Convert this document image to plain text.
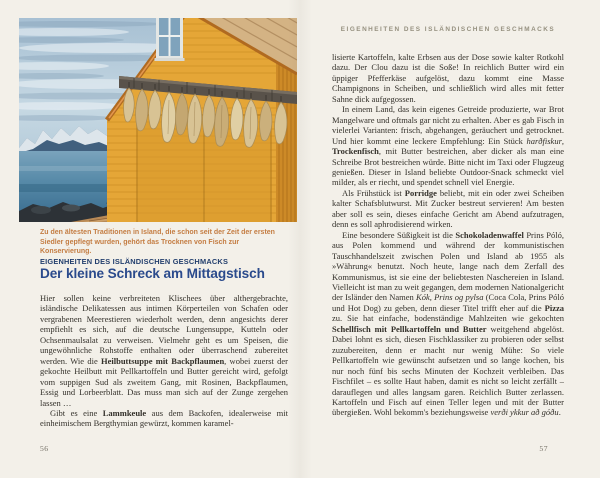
Zu den ältesten Traditionen in Island, die schon seit der Zeit der ersten Siedler gepflegt wurden, gehört das Trocknen von Fisch zur Konservierung.
EIGENHEITEN DES ISLÄNDISCHEN GESCHMACKS
Der kleine Schreck am Mittagstisch

Hier sollen keine verbreiteten Klischees über althergebrachte, isländische Delikatessen aus intimen Körperteilen von Schafen oder vergrabenen Meerestieren wiederholt werden, denn angesichts derer empfiehlt es sich, auf die deutsche Lungensuppe, Kutteln oder Ochsenmaulsalat zu verweisen. Vielmehr geht es um Speisen, die ungewöhnliche Rohstoffe enthalten oder überraschend zubereitet werden. Wie die Heilbuttsuppe mit Backpflaumen, wobei zuerst der gekochte Heilbutt mit Pellkartoffeln und Butter gereicht wird, gefolgt vom suppigen Sud als zweitem Gang, mit Rosinen, Backpflaumen, Essig und Lorbeerblatt. Das muss man sich auf der Zunge zergehen lassen …

Gibt es eine Lammkeule aus dem Backofen, idealerweise mit einheimischem Bergthymian gewürzt, kommen karamel-

56
EIGENHEITEN DES ISLÄNDISCHEN GESCHMACKS

lisierte Kartoffeln, kalte Erbsen aus der Dose sowie kalter Rotkohl dazu. Der Clou dazu ist die Soße! In reichlich Butter wird ein üppiger Pfefferkäse aufgelöst, dazu kommt eine Masse Champignons in Scheiben, und schließlich wird alles mit fetter Sahne dick aufgegossen.

In einem Land, das kein eigenes Getreide produzierte, war Brot Mangelware und oftmals gar nicht zu erhalten. Aber es gab Fisch in vielerlei Varianten: frisch, abgehangen, geräuchert und getrocknet. Und hier kommt eine leckere Empfehlung: Ein Stück harðfiskur, Trockenfisch, mit Butter bestreichen, aber dicker als man eine Schreibe Brot bestreichen würde. Bitte nicht im Taxi oder Flugzeug genießen. Dieser in Island beliebte Outdoor-Snack schmeckt viel milder, als er riecht, und spendet schnell viel Energie.

Als Frühstück ist Porridge beliebt, mit ein oder zwei Scheiben kalter Schafsblutwurst. Mit Zucker bestreut servieren! Am besten aber soll es sein, dieses einfache Gericht am Abend aufzutragen, denn es soll aphrodisierend wirken.

Eine besondere Süßigkeit ist die Schokoladenwaffel Prins Póló, aus Polen kommend und während der kommunistischen Tauschhandelszeit zwischen Polen und Island ab 1955 als »Währung« benutzt. Noch heute, lange nach dem Zerfall des Kommunismus, ist sie eine der beliebtesten Naschereien in Island. Vielleicht ist man zu weit gegangen, dem modernen Nationalgericht der Isländer den Namen Kók, Prins og pylsa (Coca Cola, Prins Póló und Hot Dog) zu geben, denn dieser Titel trifft eher auf die Pizza zu. Sie hat einfache, bodenständige Mahlzeiten wie gekochten Schellfisch mit Pellkartoffeln und Butter weitgehend abgelöst. Dabei lohnt es sich, diesen Fischklassiker zu probieren oder selbst zuzubereiten, denn er macht nur wenig Mühe: So viele Pellkartoffeln wie gewünscht aufsetzen und so lange kochen, bis nur noch fünf bis sechs Minuten der Kochzeit verbleiben. Das Fischfilet – es sollte Haut haben, damit es nicht so leicht zerfällt – darauflegen und alles langsam garen. Reichlich Butter zerlassen. Kartoffeln und Fisch auf einen Teller legen und mit der Butter übergießen. Wohl bekomm's beziehungsweise verði ykkur að góðu.

57
